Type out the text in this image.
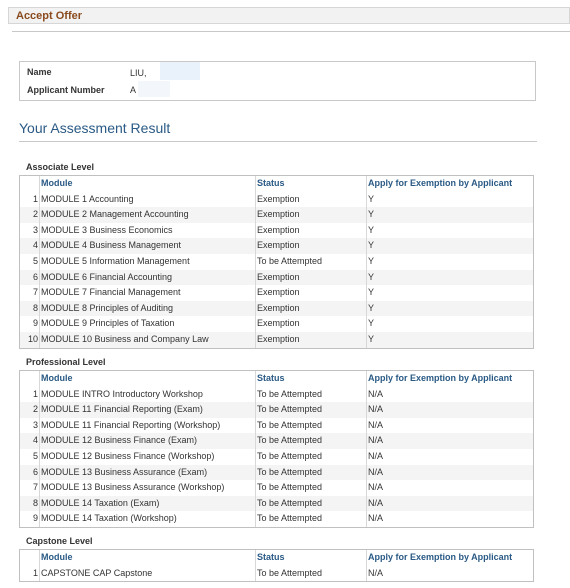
Accept Offer
Name	LIU,
Applicant Number	A
Your Assessment Result
Associate Level
Module	Status	Apply for Exemption by Applicant
1 MODULE 1 Accounting	Exemption	Y
2 MODULE 2 Management Accounting	Exemption	Y
3 MODULE 3 Business Economics	Exemption	Y
4 MODULE 4 Business Management	Exemption	Y
5 MODULE 5 Information Management	To be Attempted	Y
6 MODULE 6 Financial Accounting	Exemption	Y
7 MODULE 7 Financial Management	Exemption	Y
8 MODULE 8 Principles of Auditing	Exemption	Y
9 MODULE 9 Principles of Taxation	Exemption	Y
10 MODULE 10 Business and Company Law	Exemption	Y
Professional Level
Module	Status	Apply for Exemption by Applicant
1 MODULE INTRO Introductory Workshop	To be Attempted	N/A
2 MODULE 11 Financial Reporting (Exam)	To be Attempted	N/A
3 MODULE 11 Financial Reporting (Workshop)	To be Attempted	N/A
4 MODULE 12 Business Finance (Exam)	To be Attempted	N/A
5 MODULE 12 Business Finance (Workshop)	To be Attempted	N/A
6 MODULE 13 Business Assurance (Exam)	To be Attempted	N/A
7 MODULE 13 Business Assurance (Workshop)	To be Attempted	N/A
8 MODULE 14 Taxation (Exam)	To be Attempted	N/A
9 MODULE 14 Taxation (Workshop)	To be Attempted	N/A
Capstone Level
Module	Status	Apply for Exemption by Applicant
1 CAPSTONE CAP Capstone	To be Attempted	N/A
